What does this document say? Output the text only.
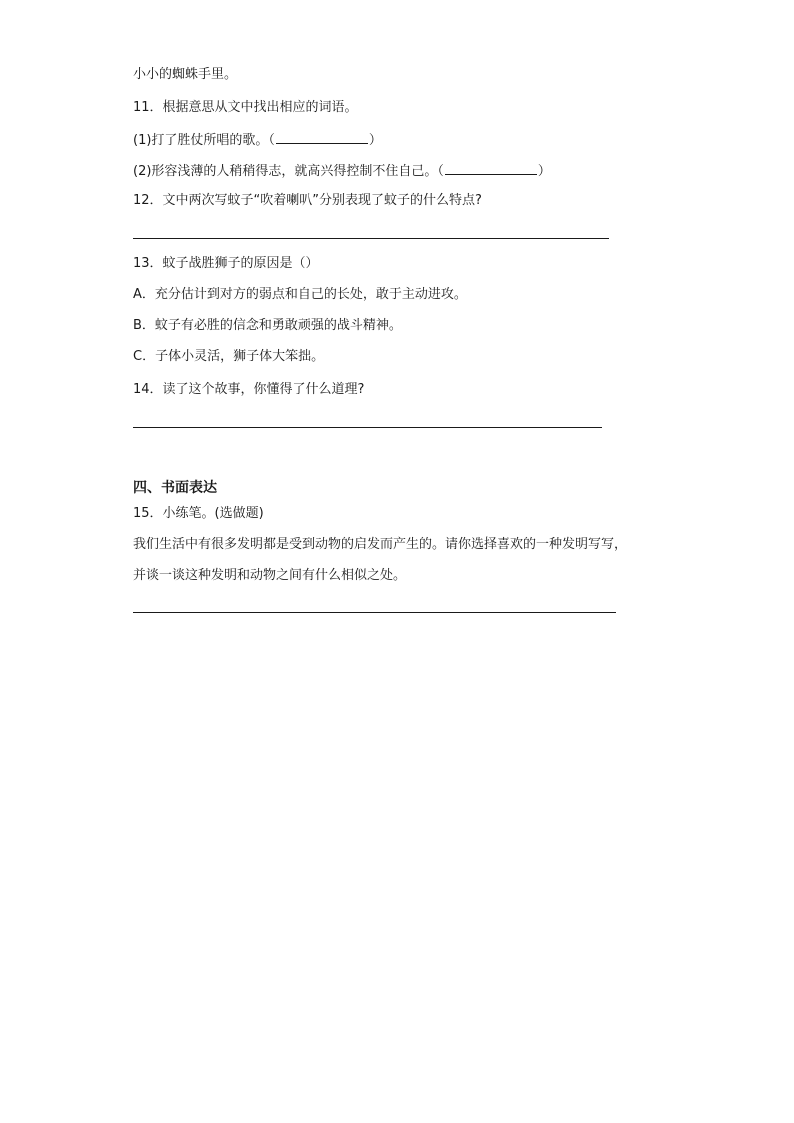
小小的蜘蛛手里。
11．根据意思从文中找出相应的词语。
(1)打了胜仗所唱的歌。（	）
(2)形容浅薄的人稍稍得志，就高兴得控制不住自己。（	）
12．文中两次写蚊子“吹着喇叭”分别表现了蚊子的什么特点?
13．蚊子战胜狮子的原因是（）
A．充分估计到对方的弱点和自己的长处，敢于主动进攻。
B．蚊子有必胜的信念和勇敢顽强的战斗精神。
C．子体小灵活，狮子体大笨拙。
14．读了这个故事，你懂得了什么道理?
四、书面表达
15．小练笔。(选做题)
我们生活中有很多发明都是受到动物的启发而产生的。请你选择喜欢的一种发明写写，
并谈一谈这种发明和动物之间有什么相似之处。
